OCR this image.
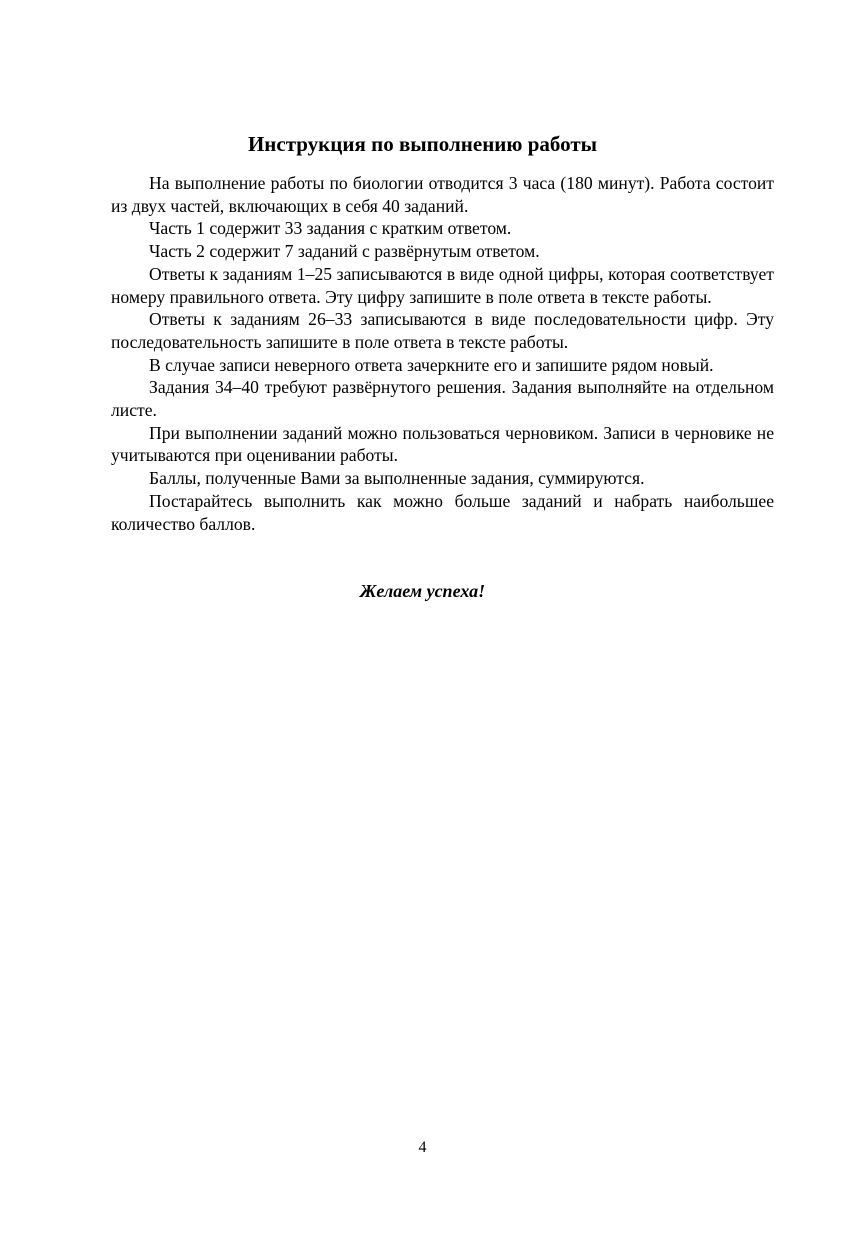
Инструкция по выполнению работы

На выполнение работы по биологии отводится 3 часа (180 минут). Работа состоит из двух частей, включающих в себя 40 заданий.

Часть 1 содержит 33 задания с кратким ответом.

Часть 2 содержит 7 заданий с развёрнутым ответом.

Ответы к заданиям 1–25 записываются в виде одной цифры, которая соответствует номеру правильного ответа. Эту цифру запишите в поле ответа в тексте работы.

Ответы к заданиям 26–33 записываются в виде последовательности цифр. Эту последовательность запишите в поле ответа в тексте работы.

В случае записи неверного ответа зачеркните его и запишите рядом новый.

Задания 34–40 требуют развёрнутого решения. Задания выполняйте на отдельном листе.

При выполнении заданий можно пользоваться черновиком. Записи в черновике не учитываются при оценивании работы.

Баллы, полученные Вами за выполненные задания, суммируются.

Постарайтесь выполнить как можно больше заданий и набрать наибольшее количество баллов.

Желаем успеха!

4
